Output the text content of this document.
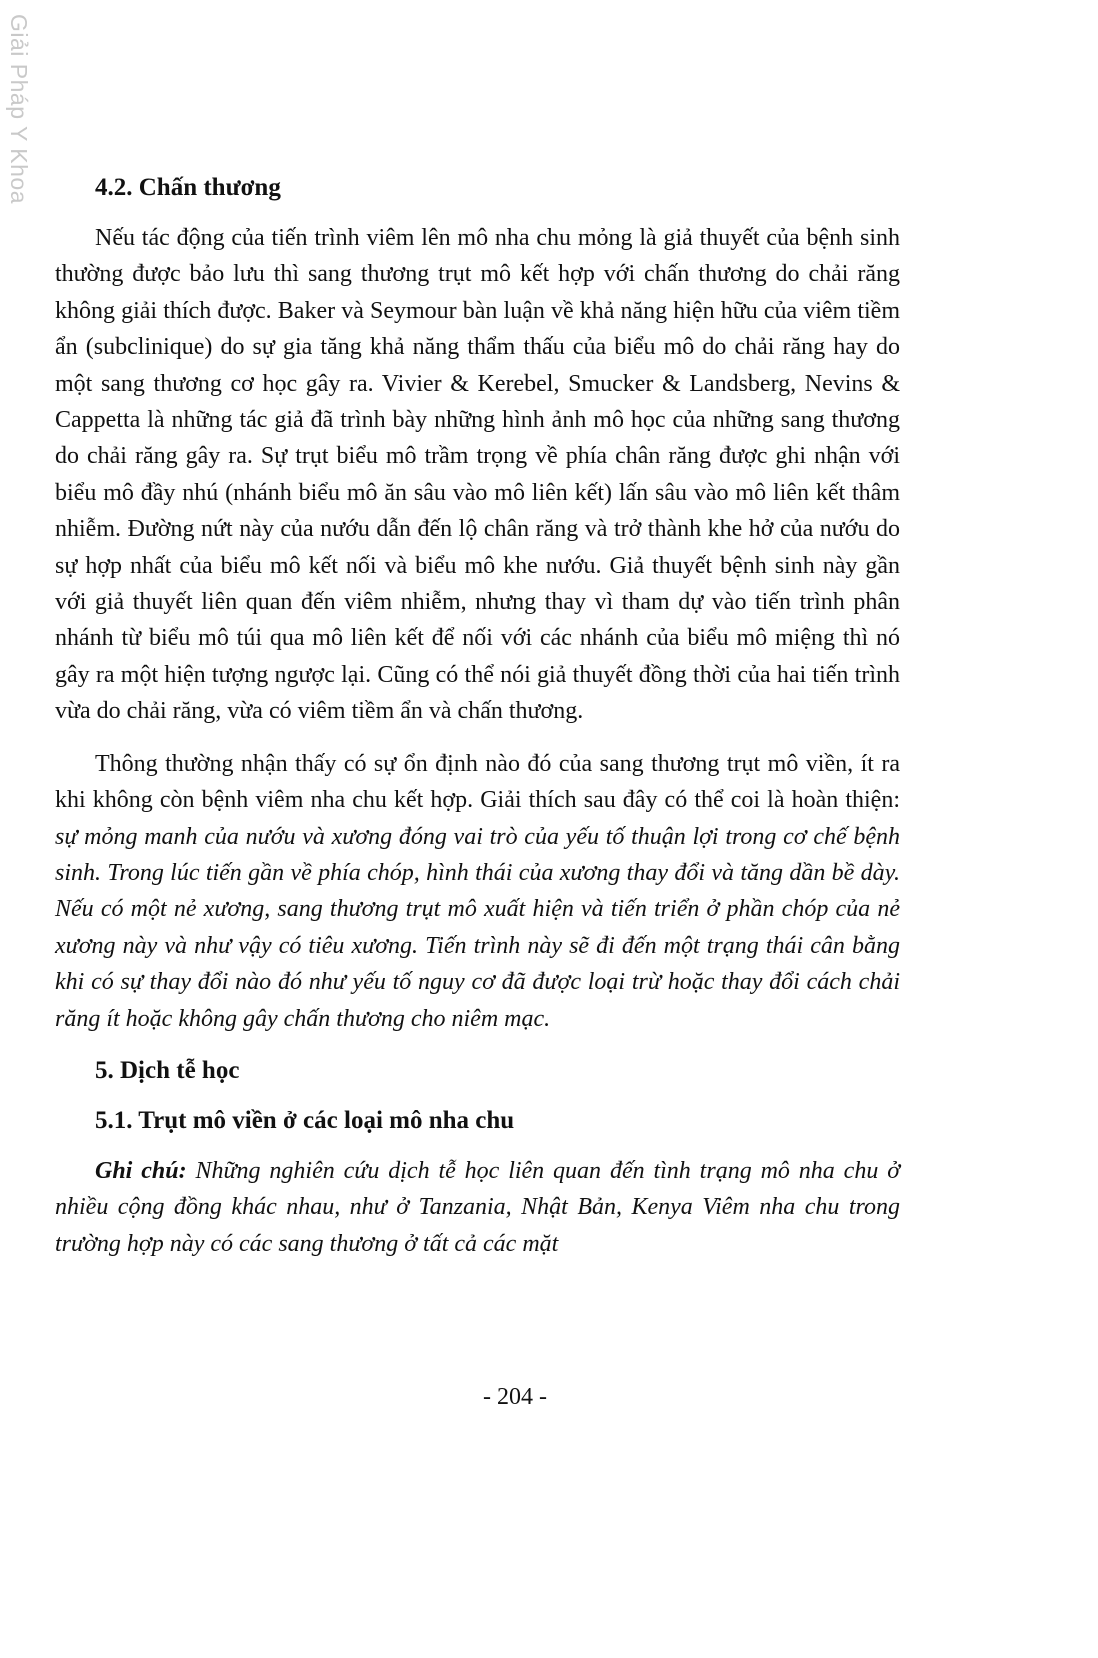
Giải Pháp Y Khoa	4.2. Chấn thương

Nếu tác động của tiến trình viêm lên mô nha chu mỏng là giả thuyết của bệnh sinh thường được bảo lưu thì sang thương trụt mô kết hợp với chấn thương do chải răng không giải thích được. Baker và Seymour bàn luận về khả năng hiện hữu của viêm tiềm ẩn (subclinique) do sự gia tăng khả năng thẩm thấu của biểu mô do chải răng hay do một sang thương cơ học gây ra. Vivier & Kerebel, Smucker & Landsberg, Nevins & Cappetta là những tác giả đã trình bày những hình ảnh mô học của những sang thương do chải răng gây ra. Sự trụt biểu mô trầm trọng về phía chân răng được ghi nhận với biểu mô đầy nhú (nhánh biểu mô ăn sâu vào mô liên kết) lấn sâu vào mô liên kết thâm nhiễm. Đường nứt này của nướu dẫn đến lộ chân răng và trở thành khe hở của nướu do sự hợp nhất của biểu mô kết nối và biểu mô khe nướu. Giả thuyết bệnh sinh này gần với giả thuyết liên quan đến viêm nhiễm, nhưng thay vì tham dự vào tiến trình phân nhánh từ biểu mô túi qua mô liên kết để nối với các nhánh của biểu mô miệng thì nó gây ra một hiện tượng ngược lại. Cũng có thể nói giả thuyết đồng thời của hai tiến trình vừa do chải răng, vừa có viêm tiềm ẩn và chấn thương.

Thông thường nhận thấy có sự ổn định nào đó của sang thương trụt mô viền, ít ra khi không còn bệnh viêm nha chu kết hợp. Giải thích sau đây có thể coi là hoàn thiện: sự mỏng manh của nướu và xương đóng vai trò của yếu tố thuận lợi trong cơ chế bệnh sinh. Trong lúc tiến gần về phía chóp, hình thái của xương thay đổi và tăng dần bề dày. Nếu có một nẻ xương, sang thương trụt mô xuất hiện và tiến triển ở phần chóp của nẻ xương này và như vậy có tiêu xương. Tiến trình này sẽ đi đến một trạng thái cân bằng khi có sự thay đổi nào đó như yếu tố nguy cơ đã được loại trừ hoặc thay đổi cách chải răng ít hoặc không gây chấn thương cho niêm mạc.

5. Dịch tễ học
5.1. Trụt mô viền ở các loại mô nha chu

Ghi chú: Những nghiên cứu dịch tễ học liên quan đến tình trạng mô nha chu ở nhiều cộng đồng khác nhau, như ở Tanzania, Nhật Bản, Kenya Viêm nha chu trong trường hợp này có các sang thương ở tất cả các mặt

- 204 -
